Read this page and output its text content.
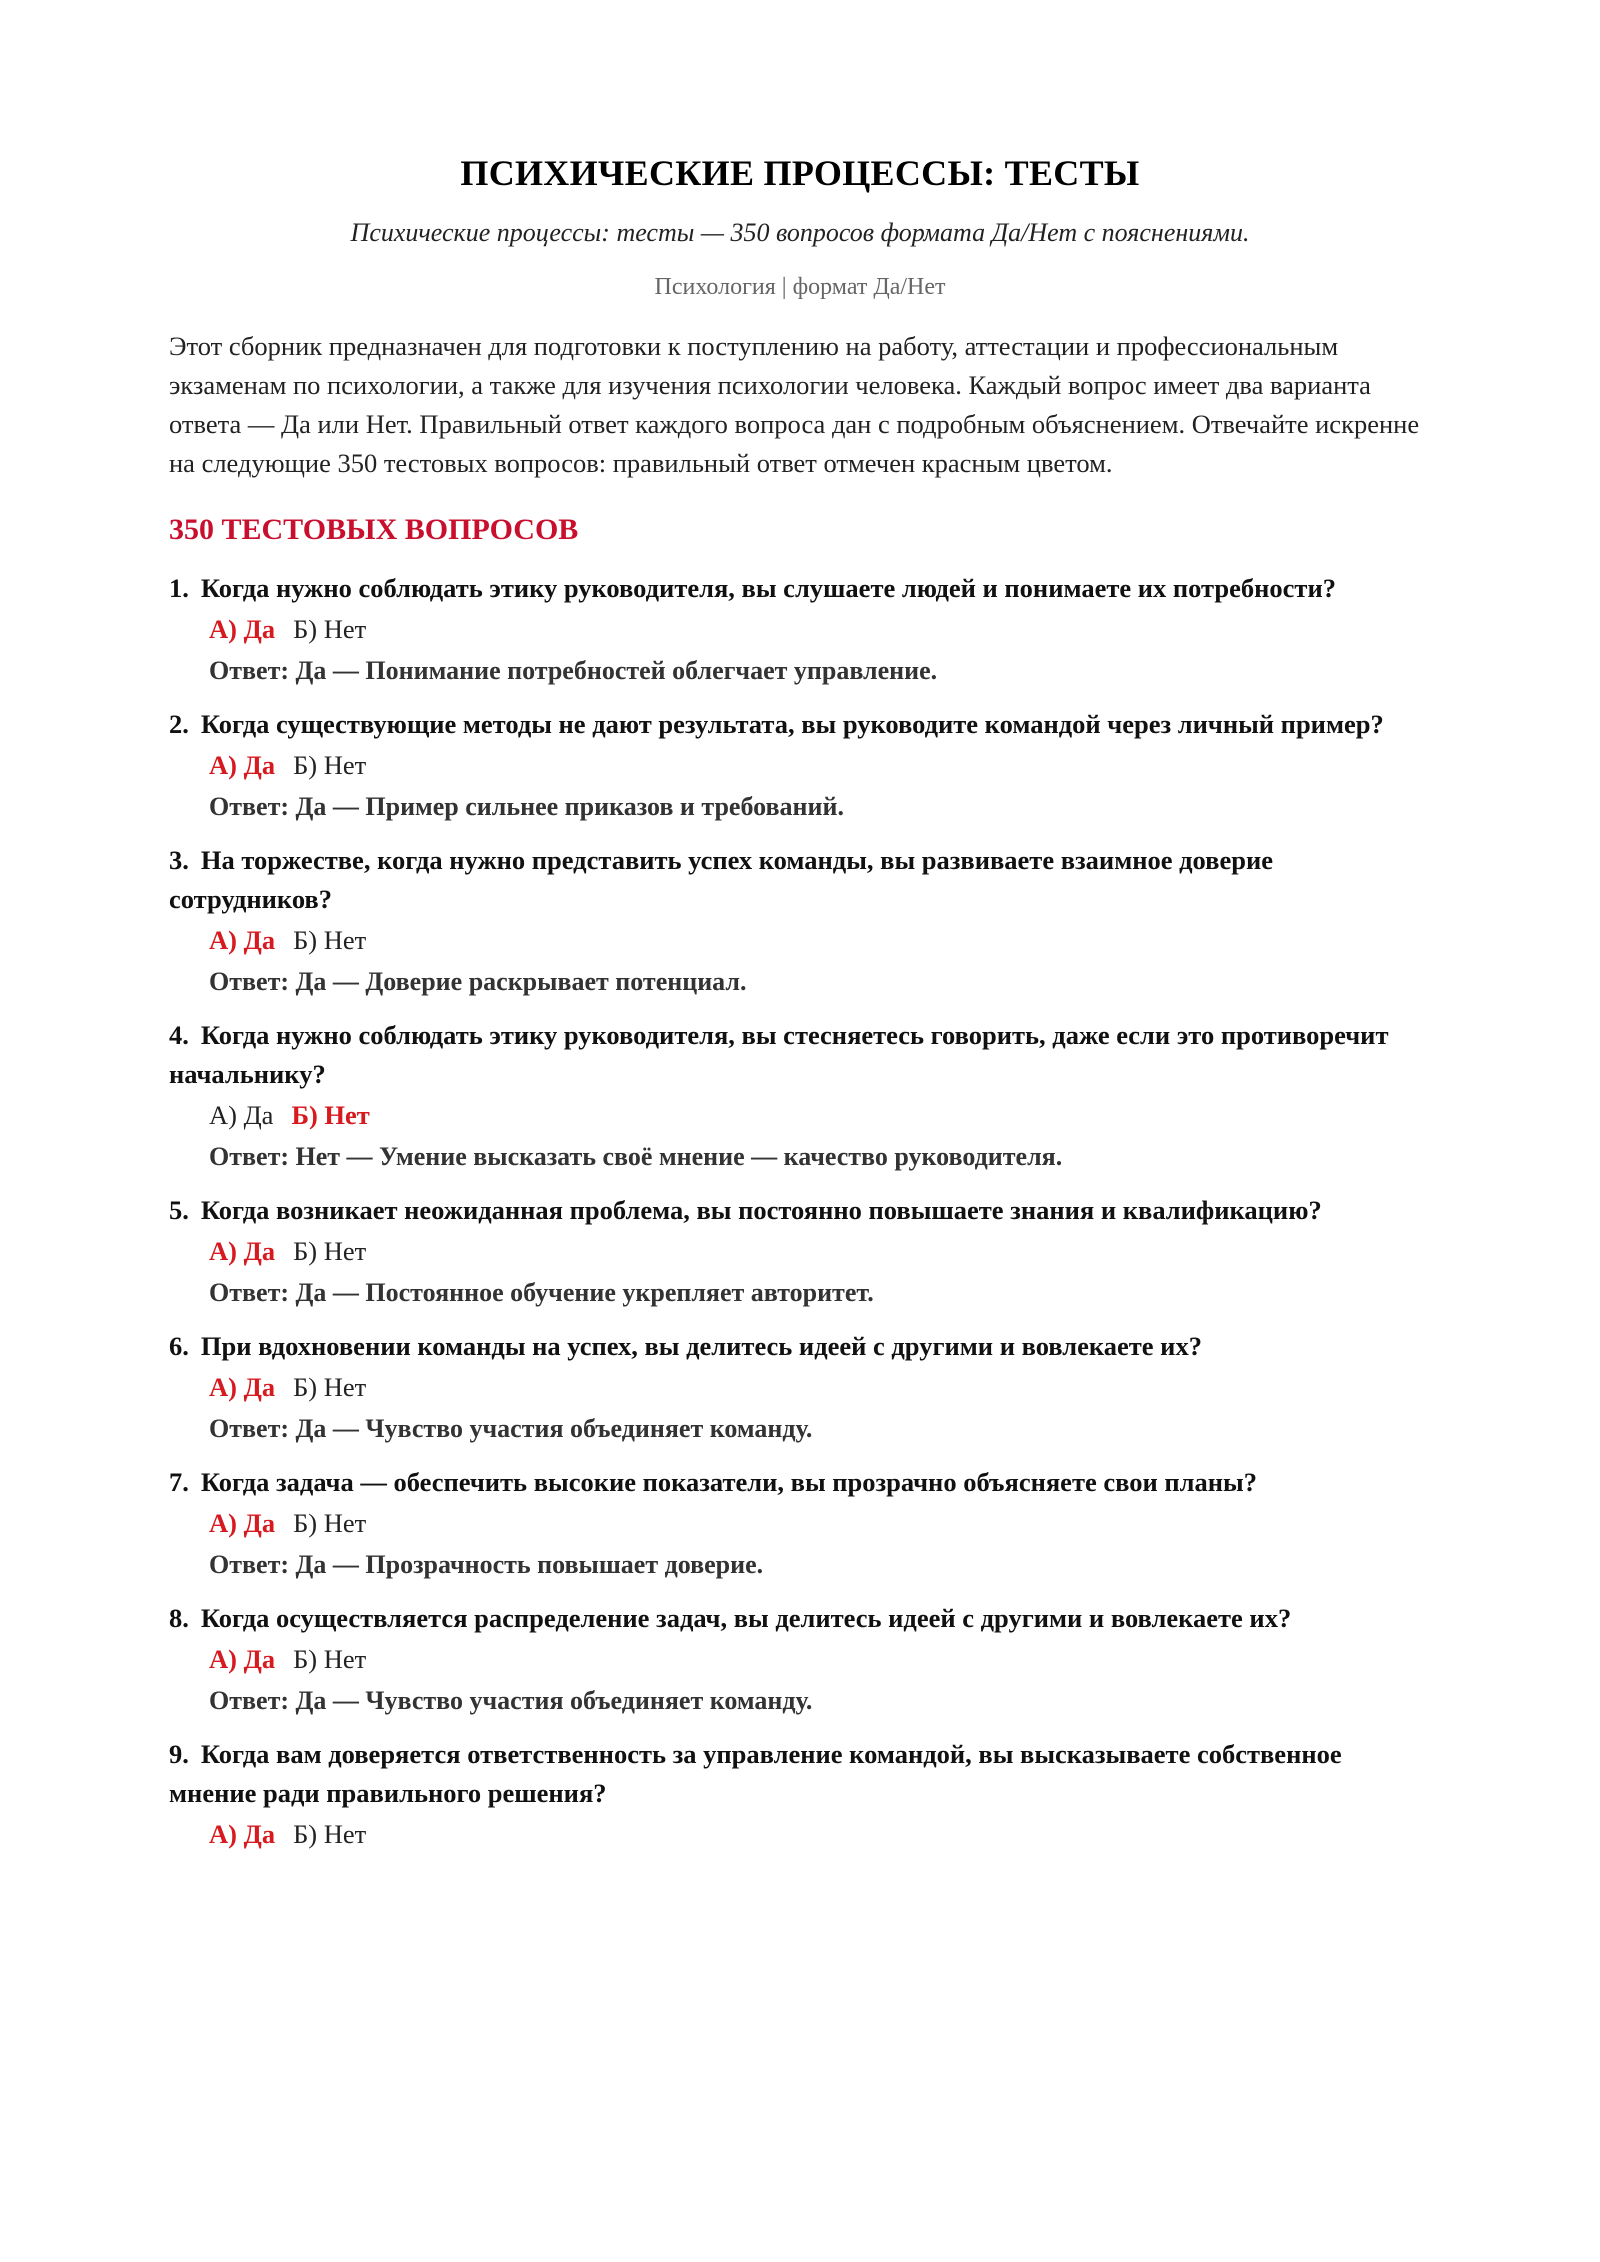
ПСИХИЧЕСКИЕ ПРОЦЕССЫ: ТЕСТЫ
Психические процессы: тесты — 350 вопросов формата Да/Нет с пояснениями.
Психология | формат Да/Нет
Этот сборник предназначен для подготовки к поступлению на работу, аттестации и профессиональным экзаменам по психологии, а также для изучения психологии человека. Каждый вопрос имеет два варианта ответа — Да или Нет. Правильный ответ каждого вопроса дан с подробным объяснением. Отвечайте искренне на следующие 350 тестовых вопросов: правильный ответ отмечен красным цветом.
350 ТЕСТОВЫХ ВОПРОСОВ
1. Когда нужно соблюдать этику руководителя, вы слушаете людей и понимаете их потребности?
А) Да Б) Нет
Ответ: Да — Понимание потребностей облегчает управление.
2. Когда существующие методы не дают результата, вы руководите командой через личный пример?
А) Да Б) Нет
Ответ: Да — Пример сильнее приказов и требований.
3. На торжестве, когда нужно представить успех команды, вы развиваете взаимное доверие сотрудников?
А) Да Б) Нет
Ответ: Да — Доверие раскрывает потенциал.
4. Когда нужно соблюдать этику руководителя, вы стесняетесь говорить, даже если это противоречит начальнику?
А) Да Б) Нет
Ответ: Нет — Умение высказать своё мнение — качество руководителя.
5. Когда возникает неожиданная проблема, вы постоянно повышаете знания и квалификацию?
А) Да Б) Нет
Ответ: Да — Постоянное обучение укрепляет авторитет.
6. При вдохновении команды на успех, вы делитесь идеей с другими и вовлекаете их?
А) Да Б) Нет
Ответ: Да — Чувство участия объединяет команду.
7. Когда задача — обеспечить высокие показатели, вы прозрачно объясняете свои планы?
А) Да Б) Нет
Ответ: Да — Прозрачность повышает доверие.
8. Когда осуществляется распределение задач, вы делитесь идеей с другими и вовлекаете их?
А) Да Б) Нет
Ответ: Да — Чувство участия объединяет команду.
9. Когда вам доверяется ответственность за управление командой, вы высказываете собственное мнение ради правильного решения?
А) Да Б) Нет
